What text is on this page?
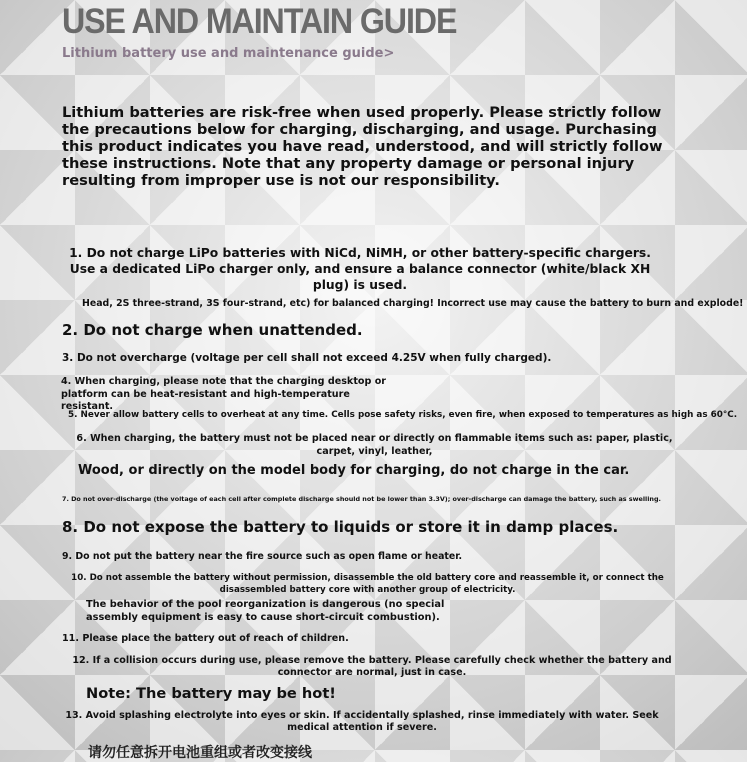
USE AND MAINTAIN GUIDE
Lithium battery use and maintenance guide>

Lithium batteries are risk-free when used properly. Please strictly follow the precautions below for charging, discharging, and usage. Purchasing this product indicates you have read, understood, and will strictly follow these instructions. Note that any property damage or personal injury resulting from improper use is not our responsibility.

1. Do not charge LiPo batteries with NiCd, NiMH, or other battery-specific chargers. Use a dedicated LiPo charger only, and ensure a balance connector (white/black XH plug) is used.
Head, 2S three-strand, 3S four-strand, etc) for balanced charging! Incorrect use may cause the battery to burn and explode!
2. Do not charge when unattended.
3. Do not overcharge (voltage per cell shall not exceed 4.25V when fully charged).
4. When charging, please note that the charging desktop or platform can be heat-resistant and high-temperature resistant.
5. Never allow battery cells to overheat at any time. Cells pose safety risks, even fire, when exposed to temperatures as high as 60°C.
6. When charging, the battery must not be placed near or directly on flammable items such as: paper, plastic, carpet, vinyl, leather,
Wood, or directly on the model body for charging, do not charge in the car.
7. Do not over-discharge (the voltage of each cell after complete discharge should not be lower than 3.3V); over-discharge can damage the battery, such as swelling.
8. Do not expose the battery to liquids or store it in damp places.
9. Do not put the battery near the fire source such as open flame or heater.
10. Do not assemble the battery without permission, disassemble the old battery core and reassemble it, or connect the disassembled battery core with another group of electricity.
The behavior of the pool reorganization is dangerous (no special assembly equipment is easy to cause short-circuit combustion).
11. Please place the battery out of reach of children.
12. If a collision occurs during use, please remove the battery. Please carefully check whether the battery and connector are normal, just in case.
Note: The battery may be hot!
13. Avoid splashing electrolyte into eyes or skin. If accidentally splashed, rinse immediately with water. Seek medical attention if severe.
请勿任意拆开电池重组或者改变接线
